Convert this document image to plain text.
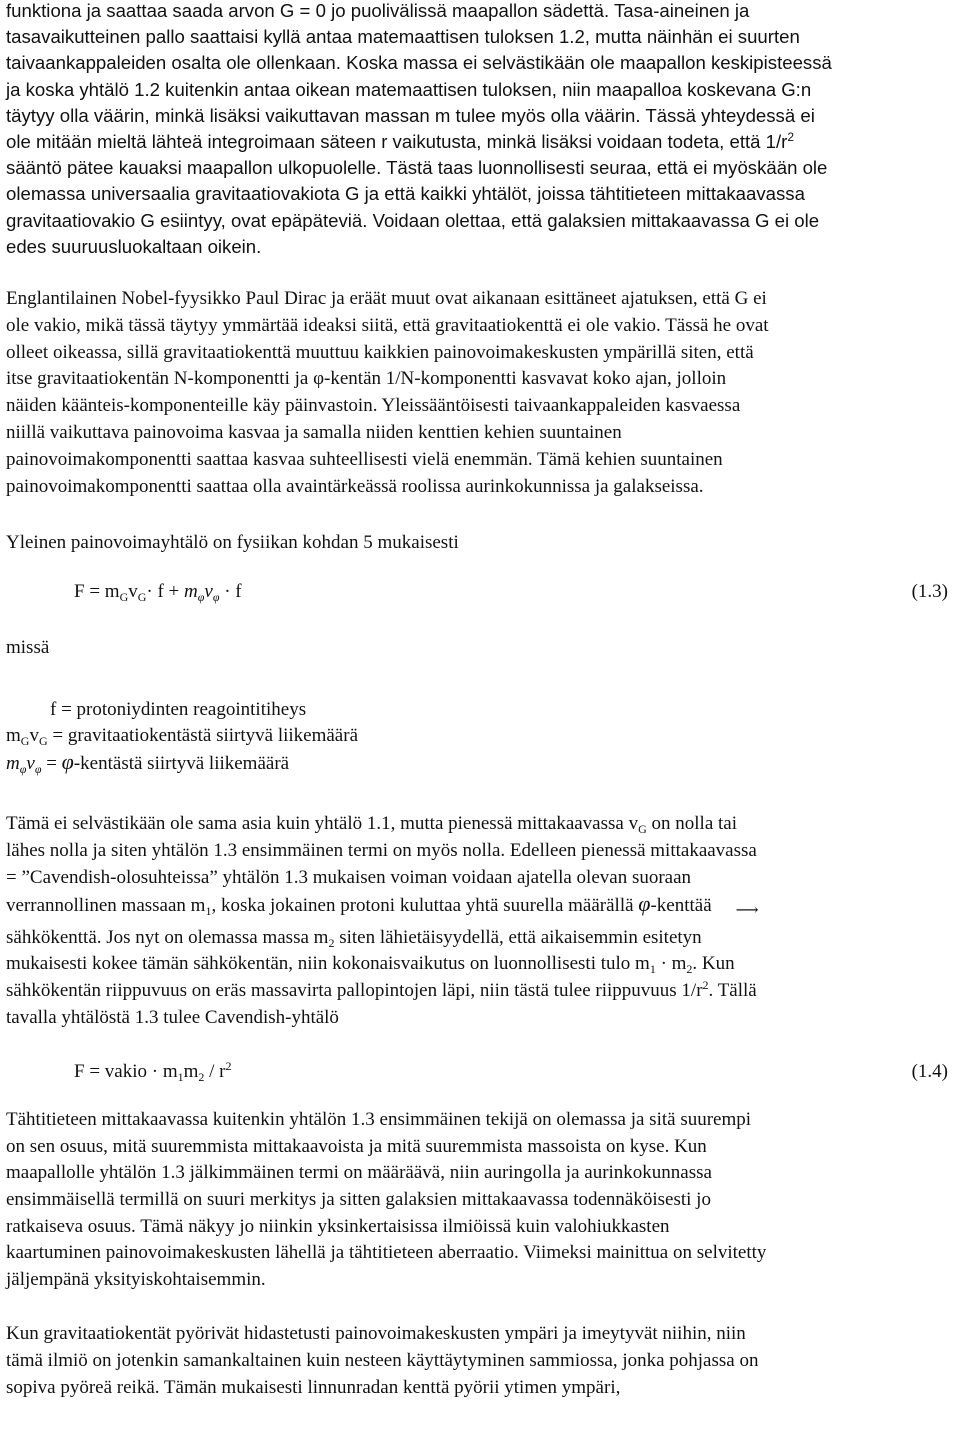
funktiona ja saattaa saada arvon G = 0 jo puolivälissä maapallon sädettä. Tasa-aineinen ja
tasavaikutteinen pallo saattaisi kyllä antaa matemaattisen tuloksen 1.2, mutta näinhän ei suurten
taivaankappaleiden osalta ole ollenkaan. Koska massa ei selvästikään ole maapallon keskipisteessä
ja koska yhtälö 1.2 kuitenkin antaa oikean matemaattisen tuloksen, niin maapalloa koskevana G:n
täytyy olla väärin, minkä lisäksi vaikuttavan massan m tulee myös olla väärin. Tässä yhteydessä ei
ole mitään mieltä lähteä integroimaan säteen r vaikutusta, minkä lisäksi voidaan todeta, että $1/r^2$
sääntö pätee kauaksi maapallon ulkopuolelle. Tästä taas luonnollisesti seuraa, että ei myöskään ole
olemassa universaalia gravitaatiovakiota G ja että kaikki yhtälöt, joissa tähtitieteen mittakaavassa
gravitaatiovakio G esiintyy, ovat epäpäteviä. Voidaan olettaa, että galaksien mittakaavassa G ei ole
edes suuruusluokaltaan oikein.
Englantilainen Nobel-fyysikko Paul Dirac ja eräät muut ovat aikanaan esittäneet ajatuksen, että G ei
ole vakio, mikä tässä täytyy ymmärtää ideaksi siitä, että gravitaatiokenttä ei ole vakio. Tässä he ovat
olleet oikeassa, sillä gravitaatiokenttä muuttuu kaikkien painovoimakeskusten ympärillä siten, että
itse gravitaatiokentän N-komponentti ja φ-kentän 1/N-komponentti kasvavat koko ajan, jolloin
näiden käänteis-komponenteille käy päinvastoin. Yleissääntöisesti taivaankappaleiden kasvaessa
niillä vaikuttava painovoima kasvaa ja samalla niiden kenttien kehien suuntainen
painovoimakomponentti saattaa kasvaa suhteellisesti vielä enemmän. Tämä kehien suuntainen
painovoimakomponentti saattaa olla avaintärkeässä roolissa aurinkokunnissa ja galakseissa.
Yleinen painovoimayhtälö on fysiikan kohdan 5 mukaisesti
$F = m_Gv_G\cdot f + m_\varphi v_\varphi \cdot f$	(1.3)
missä
f = protoniydinten reagointitiheys
$m_Gv_G$ = gravitaatiokentästä siirtyvä liikemäärä
$m_\varphi v_\varphi$ = φ-kentästä siirtyvä liikemäärä
Tämä ei selvästikään ole sama asia kuin yhtälö 1.1, mutta pienessä mittakaavassa $v_G$ on nolla tai
lähes nolla ja siten yhtälön 1.3 ensimmäinen termi on myös nolla. Edelleen pienessä mittakaavassa
= ”Cavendish-olosuhteissa” yhtälön 1.3 mukaisen voiman voidaan ajatella olevan suoraan
verrannollinen massaan $m_1$, koska jokainen protoni kuluttaa yhtä suurella määrällä φ-kenttää ⟶
sähkökenttä. Jos nyt on olemassa massa $m_2$ siten lähietäisyydellä, että aikaisemmin esitetyn
mukaisesti kokee tämän sähkökentän, niin kokonaisvaikutus on luonnollisesti tulo $m_1 \cdot m_2$. Kun
sähkökentän riippuvuus on eräs massavirta pallopintojen läpi, niin tästä tulee riippuvuus $1/r^2$. Tällä
tavalla yhtälöstä 1.3 tulee Cavendish-yhtälö
F = vakio · $m_1m_2 / r^2$	(1.4)
Tähtitieteen mittakaavassa kuitenkin yhtälön 1.3 ensimmäinen tekijä on olemassa ja sitä suurempi
on sen osuus, mitä suuremmista mittakaavoista ja mitä suuremmista massoista on kyse. Kun
maapallolle yhtälön 1.3 jälkimmäinen termi on määräävä, niin auringolla ja aurinkokunnassa
ensimmäisellä termillä on suuri merkitys ja sitten galaksien mittakaavassa todennäköisesti jo
ratkaiseva osuus. Tämä näkyy jo niinkin yksinkertaisissa ilmiöissä kuin valohiukkasten
kaartuminen painovoimakeskusten lähellä ja tähtitieteen aberraatio. Viimeksi mainittua on selvitetty
jäljempänä yksityiskohtaisemmin.
Kun gravitaatiokentät pyörivät hidastetusti painovoimakeskusten ympäri ja imeytyvät niihin, niin
tämä ilmiö on jotenkin samankaltainen kuin nesteen käyttäytyminen sammiossa, jonka pohjassa on
sopiva pyöreä reikä. Tämän mukaisesti linnunradan kenttä pyörii ytimen ympäri,
